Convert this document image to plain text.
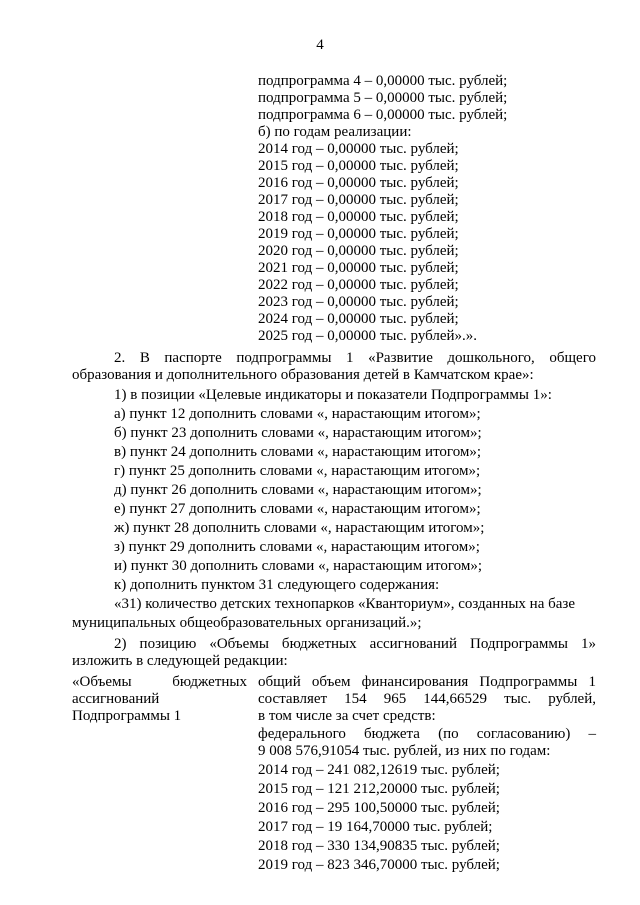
4
подпрограмма 4 – 0,00000 тыс. рублей;
подпрограмма 5 – 0,00000 тыс. рублей;
подпрограмма 6 – 0,00000 тыс. рублей;
б) по годам реализации:
2014 год – 0,00000 тыс. рублей;
2015 год – 0,00000 тыс. рублей;
2016 год – 0,00000 тыс. рублей;
2017 год – 0,00000 тыс. рублей;
2018 год – 0,00000 тыс. рублей;
2019 год – 0,00000 тыс. рублей;
2020 год – 0,00000 тыс. рублей;
2021 год – 0,00000 тыс. рублей;
2022 год – 0,00000 тыс. рублей;
2023 год – 0,00000 тыс. рублей;
2024 год – 0,00000 тыс. рублей;
2025 год – 0,00000 тыс. рублей».».
2. В паспорте подпрограммы 1 «Развитие дошкольного, общего
образования и дополнительного образования детей в Камчатском крае»:
1) в позиции «Целевые индикаторы и показатели Подпрограммы 1»:
а) пункт 12 дополнить словами «, нарастающим итогом»;
б) пункт 23 дополнить словами «, нарастающим итогом»;
в) пункт 24 дополнить словами «, нарастающим итогом»;
г) пункт 25 дополнить словами «, нарастающим итогом»;
д) пункт 26 дополнить словами «, нарастающим итогом»;
е) пункт 27 дополнить словами «, нарастающим итогом»;
ж) пункт 28 дополнить словами «, нарастающим итогом»;
з) пункт 29 дополнить словами «, нарастающим итогом»;
и) пункт 30 дополнить словами «, нарастающим итогом»;
к) дополнить пунктом 31 следующего содержания:
«31) количество детских технопарков «Кванториум», созданных на базе
муниципальных общеобразовательных организаций.»;
2) позицию «Объемы бюджетных ассигнований Подпрограммы 1»
изложить в следующей редакции:
«Объемы бюджетных
ассигнований
Подпрограммы 1
общий объем финансирования Подпрограммы 1
составляет 154 965 144,66529 тыс. рублей,
в том числе за счет средств:
федерального бюджета (по согласованию) –
9 008 576,91054 тыс. рублей, из них по годам:
2014 год – 241 082,12619 тыс. рублей;
2015 год – 121 212,20000 тыс. рублей;
2016 год – 295 100,50000 тыс. рублей;
2017 год – 19 164,70000 тыс. рублей;
2018 год – 330 134,90835 тыс. рублей;
2019 год – 823 346,70000 тыс. рублей;
